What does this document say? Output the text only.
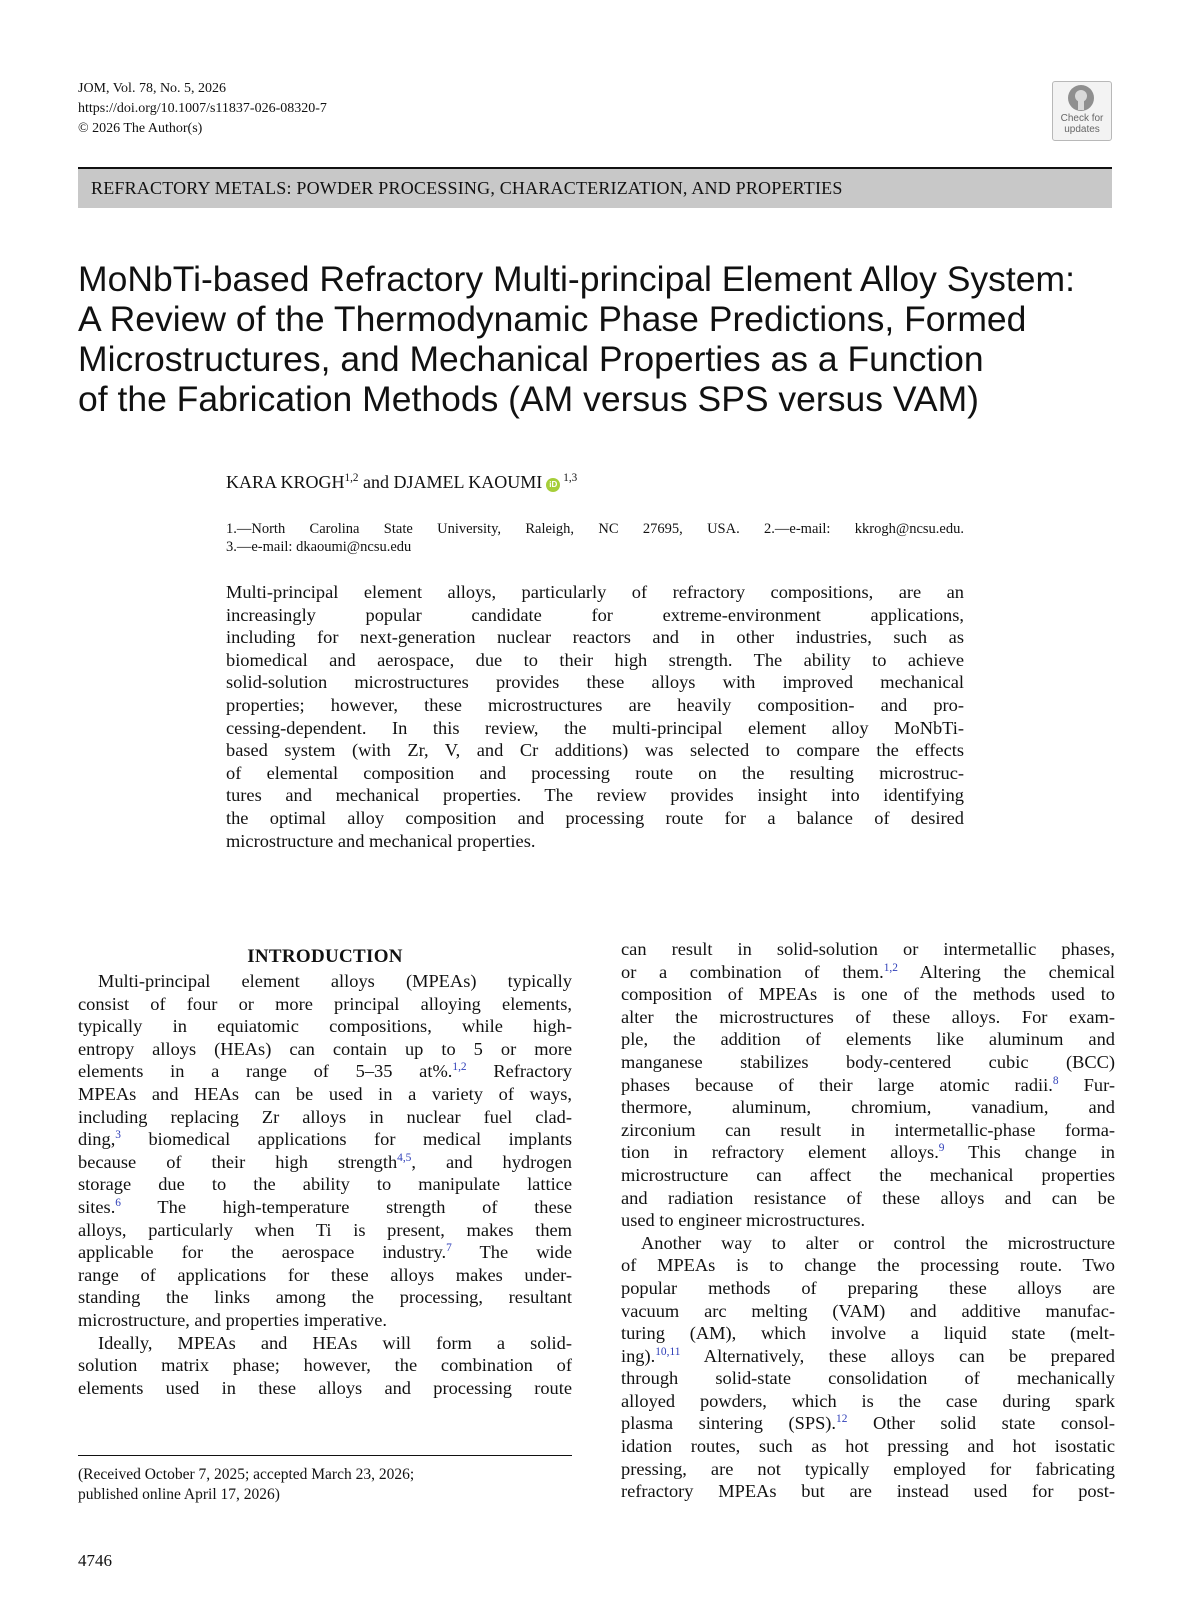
JOM, Vol. 78, No. 5, 2026
https://doi.org/10.1007/s11837-026-08320-7
© 2026 The Author(s)
Check for
updates
REFRACTORY METALS: POWDER PROCESSING, CHARACTERIZATION, AND PROPERTIES
MoNbTi-based Refractory Multi-principal Element Alloy System:
A Review of the Thermodynamic Phase Predictions, Formed
Microstructures, and Mechanical Properties as a Function
of the Fabrication Methods (AM versus SPS versus VAM)
KARA KROGH$^{1,2}$ and DJAMEL KAOUMI iD$^{1,3}$
1.—North Carolina State University, Raleigh, NC 27695, USA. 2.—e-mail: kkrogh@ncsu.edu.
3.—e-mail: dkaoumi@ncsu.edu
Multi-principal element alloys, particularly of refractory compositions, are an
increasingly popular candidate for extreme-environment applications,
including for next-generation nuclear reactors and in other industries, such as
biomedical and aerospace, due to their high strength. The ability to achieve
solid-solution microstructures provides these alloys with improved mechanical
properties; however, these microstructures are heavily composition- and pro-
cessing-dependent. In this review, the multi-principal element alloy MoNbTi-
based system (with Zr, V, and Cr additions) was selected to compare the effects
of elemental composition and processing route on the resulting microstruc-
tures and mechanical properties. The review provides insight into identifying
the optimal alloy composition and processing route for a balance of desired
microstructure and mechanical properties.
INTRODUCTION
Multi-principal element alloys (MPEAs) typically
consist of four or more principal alloying elements,
typically in equiatomic compositions, while high-
entropy alloys (HEAs) can contain up to 5 or more
elements in a range of 5–35 at%.$^{1,2}$ Refractory
MPEAs and HEAs can be used in a variety of ways,
including replacing Zr alloys in nuclear fuel clad-
ding,$^3$ biomedical applications for medical implants
because of their high strength$^{4,5}$, and hydrogen
storage due to the ability to manipulate lattice
sites.$^6$ The high-temperature strength of these
alloys, particularly when Ti is present, makes them
applicable for the aerospace industry.$^7$ The wide
range of applications for these alloys makes under-
standing the links among the processing, resultant
microstructure, and properties imperative.
Ideally, MPEAs and HEAs will form a solid-
solution matrix phase; however, the combination of
elements used in these alloys and processing route
can result in solid-solution or intermetallic phases,
or a combination of them.$^{1,2}$ Altering the chemical
composition of MPEAs is one of the methods used to
alter the microstructures of these alloys. For exam-
ple, the addition of elements like aluminum and
manganese stabilizes body-centered cubic (BCC)
phases because of their large atomic radii.$^8$ Fur-
thermore, aluminum, chromium, vanadium, and
zirconium can result in intermetallic-phase forma-
tion in refractory element alloys.$^9$ This change in
microstructure can affect the mechanical properties
and radiation resistance of these alloys and can be
used to engineer microstructures.
Another way to alter or control the microstructure
of MPEAs is to change the processing route. Two
popular methods of preparing these alloys are
vacuum arc melting (VAM) and additive manufac-
turing (AM), which involve a liquid state (melt-
ing).$^{10,11}$ Alternatively, these alloys can be prepared
through solid-state consolidation of mechanically
alloyed powders, which is the case during spark
plasma sintering (SPS).$^{12}$ Other solid state consol-
idation routes, such as hot pressing and hot isostatic
pressing, are not typically employed for fabricating
refractory MPEAs but are instead used for post-
(Received October 7, 2025; accepted March 23, 2026;
published online April 17, 2026)
4746
